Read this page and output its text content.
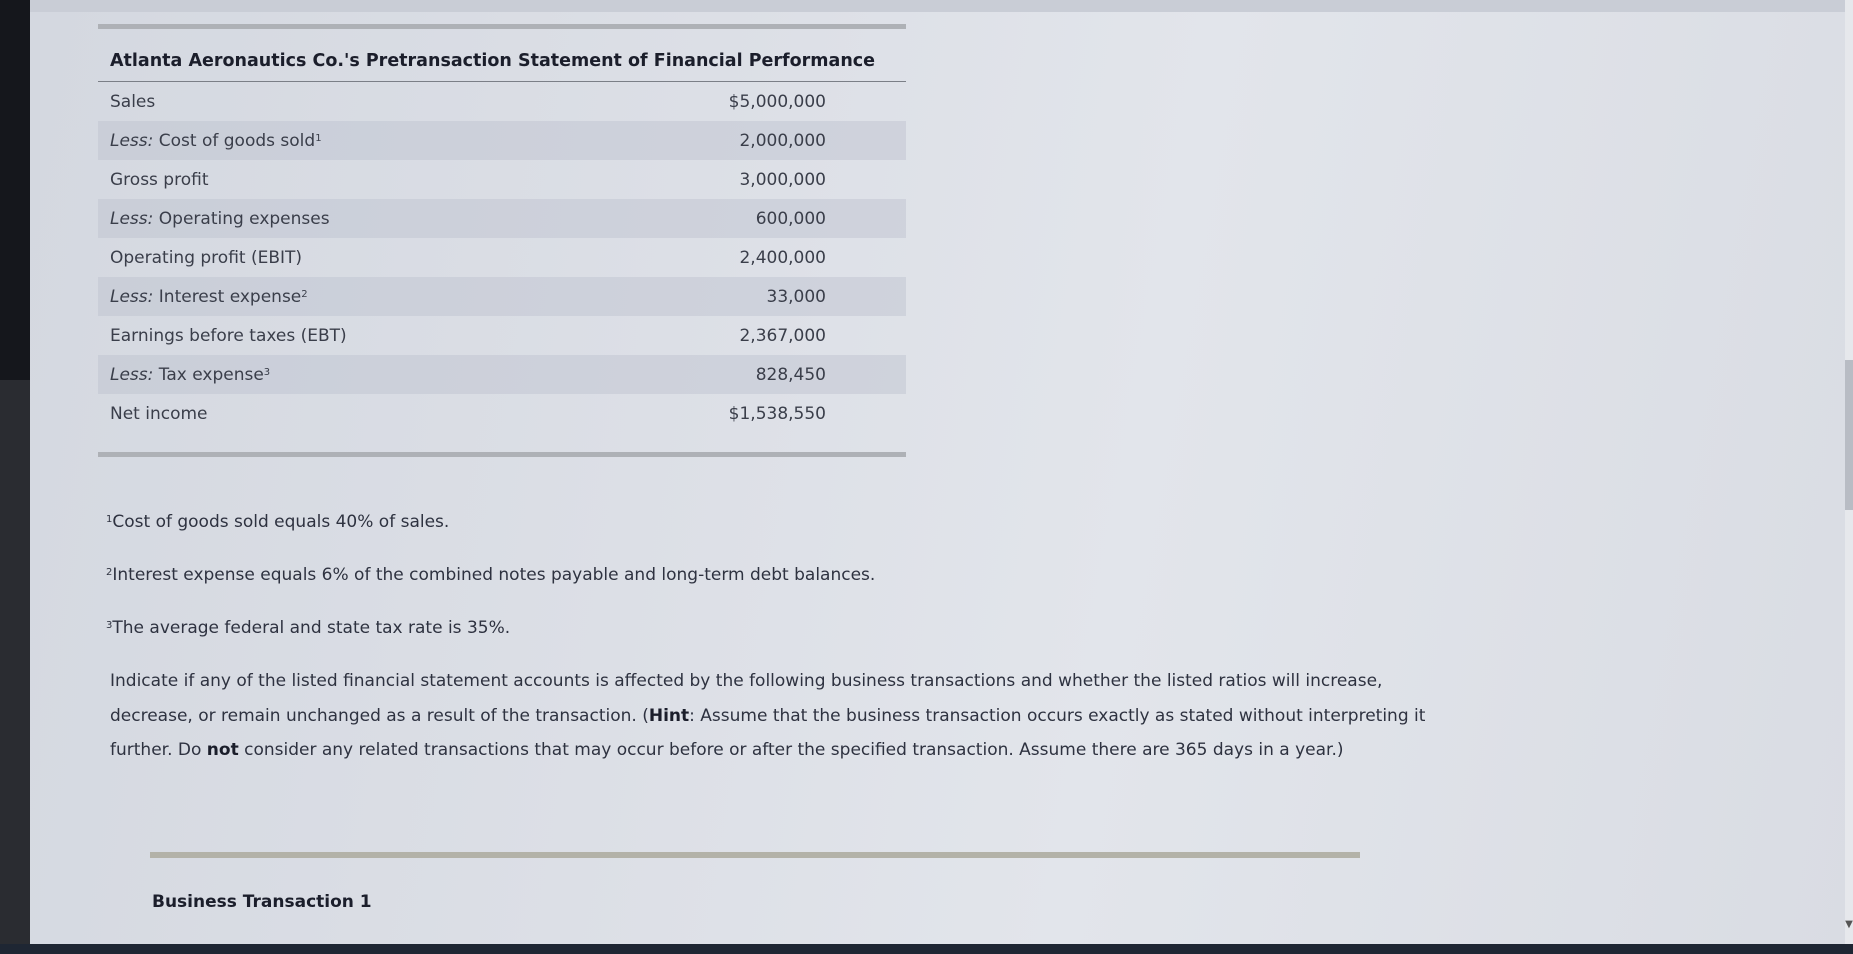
Atlanta Aeronautics Co.'s Pretransaction Statement of Financial Performance
Sales	$5,000,000
Less: Cost of goods sold$^1$	2,000,000
Gross profit	3,000,000
Less: Operating expenses	600,000
Operating profit (EBIT)	2,400,000
Less: Interest expense$^2$	33,000
Earnings before taxes (EBT)	2,367,000
Less: Tax expense$^3$	828,450
Net income	$1,538,550
$^1$Cost of goods sold equals 40% of sales.
$^2$Interest expense equals 6% of the combined notes payable and long-term debt balances.
$^3$The average federal and state tax rate is 35%.
Indicate if any of the listed financial statement accounts is affected by the following business transactions and whether the listed ratios will increase, decrease, or remain unchanged as a result of the transaction. (Hint: Assume that the business transaction occurs exactly as stated without interpreting it further. Do not consider any related transactions that may occur before or after the specified transaction. Assume there are 365 days in a year.)
Business Transaction 1
▼
